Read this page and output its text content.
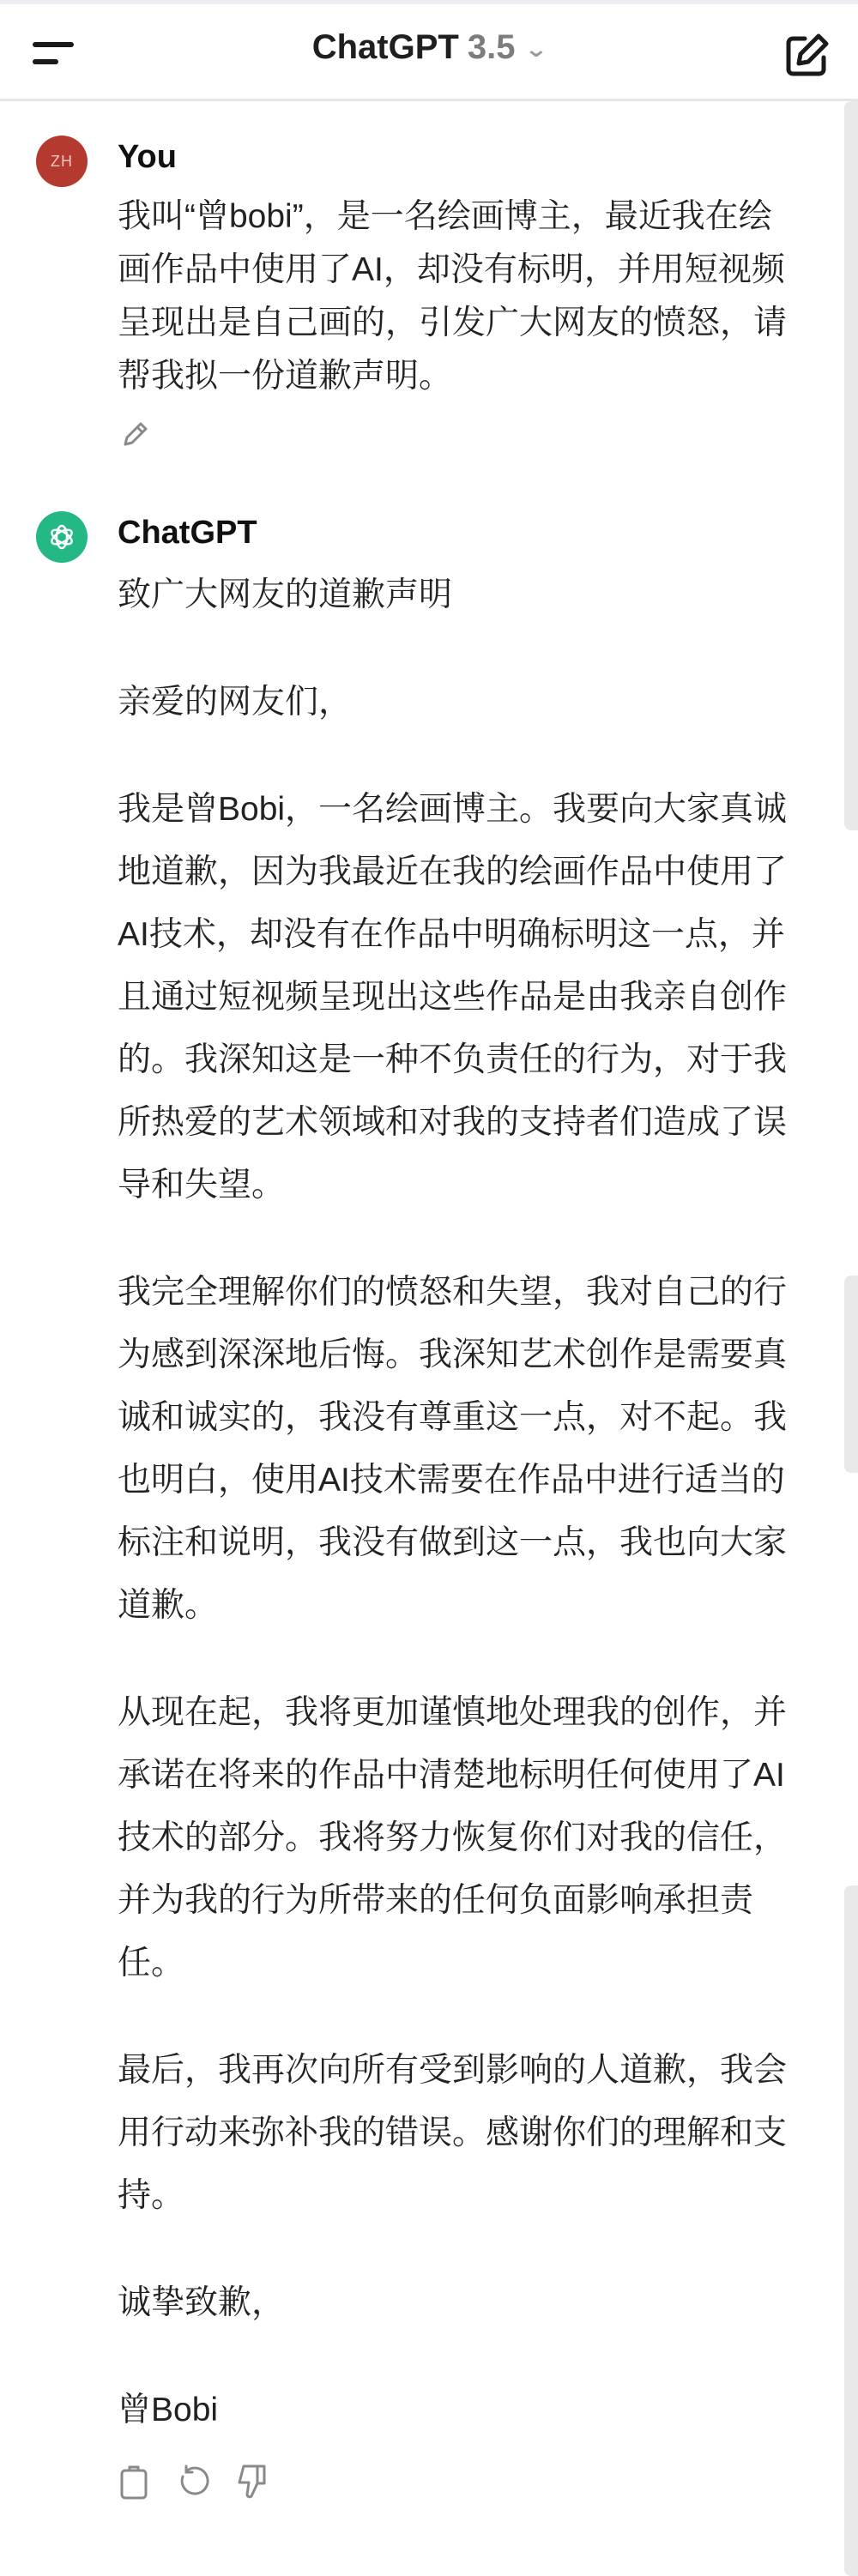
ChatGPT 3.5 ⌄
ZH You
我叫“曾bobi”，是一名绘画博主，最近我在绘
画作品中使用了AI，却没有标明，并用短视频
呈现出是自己画的，引发广大网友的愤怒，请
帮我拟一份道歉声明。
ChatGPT
致广大网友的道歉声明
亲爱的网友们，
我是曾Bobi，一名绘画博主。我要向大家真诚
地道歉，因为我最近在我的绘画作品中使用了
AI技术，却没有在作品中明确标明这一点，并
且通过短视频呈现出这些作品是由我亲自创作
的。我深知这是一种不负责任的行为，对于我
所热爱的艺术领域和对我的支持者们造成了误
导和失望。
我完全理解你们的愤怒和失望，我对自己的行
为感到深深地后悔。我深知艺术创作是需要真
诚和诚实的，我没有尊重这一点，对不起。我
也明白，使用AI技术需要在作品中进行适当的
标注和说明，我没有做到这一点，我也向大家
道歉。
从现在起，我将更加谨慎地处理我的创作，并
承诺在将来的作品中清楚地标明任何使用了AI
技术的部分。我将努力恢复你们对我的信任，
并为我的行为所带来的任何负面影响承担责
任。
最后，我再次向所有受到影响的人道歉，我会
用行动来弥补我的错误。感谢你们的理解和支
持。
诚挚致歉，
曾Bobi
